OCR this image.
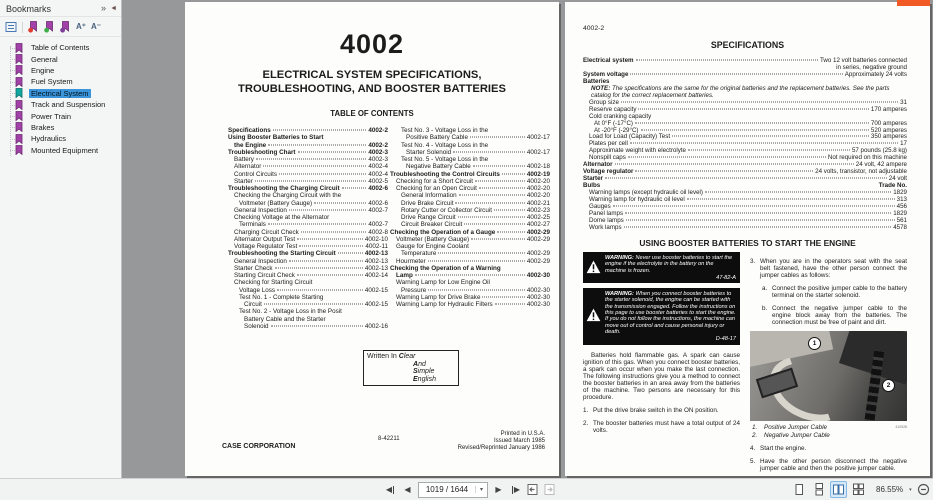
Bookmarks	» ◄
A⁺ A⁻
Table of Contents
General
Engine
Fuel System
Electrical System
Track and Suspension
Power Train
Brakes
Hydraulics
Mounted Equipment
4002
ELECTRICAL SYSTEM SPECIFICATIONS,
TROUBLESHOOTING, AND BOOSTER BATTERIES
TABLE OF CONTENTS
Specifications	4002-2
Using Booster Batteries to Start
the Engine	4002-2
Troubleshooting Chart	4002-3
Battery	4002-3
Alternator	4002-4
Control Circuits	4002-4
Starter	4002-5
Troubleshooting the Charging Circuit	4002-6
Checking the Charging Circuit with the
Voltmeter (Battery Gauge)	4002-6
General Inspection	4002-7
Checking Voltage at the Alternator
Terminals	4002-7
Charging Circuit Check	4002-8
Alternator Output Test	4002-10
Voltage Regulator Test	4002-11
Troubleshooting the Starting Circuit	4002-13
General Inspection	4002-13
Starter Check	4002-13
Starting Circuit Check	4002-14
Checking for Starting Circuit
Voltage Loss	4002-15
Test No. 1 - Complete Starting
Circuit	4002-15
Test No. 2 - Voltage Loss in the Posit
Battery Cable and the Starter
Solenoid	4002-16
Test No. 3 - Voltage Loss in the
Positive Battery Cable	4002-17
Test No. 4 - Voltage Loss in the
Starter Solenoid	4002-17
Test No. 5 - Voltage Loss in the
Negative Battery Cable	4002-18
Troubleshooting the Control Circuits	4002-19
Checking for a Short Circuit	4002-20
Checking for an Open Circuit	4002-20
General Information	4002-20
Drive Brake Circuit	4002-21
Rotary Cutter or Collector Circuit	4002-23
Drive Range Circuit	4002-25
Circuit Breaker Circuit	4002-27
Checking the Operation of a Gauge	4002-29
Voltmeter (Battery Gauge)	4002-29
Gauge for Engine Coolant
Temperature	4002-29
Hourmeter	4002-29
Checking the Operation of a Warning
Lamp	4002-30
Warning Lamp for Low Engine Oil
Pressure	4002-30
Warning Lamp for Drive Brake	4002-30
Warning Lamp for Hydraulic Filters	4002-30
Written In Clear
And
Simple
English
CASE CORPORATION
8-42211
Printed in U.S.A.
Issued March 1985
Revised/Reprinted January 1986
4002-2
SPECIFICATIONS
Electrical system	Two 12 volt batteries connected
in series, negative ground
System voltage	Approximately 24 volts
Batteries
NOTE: The specifications are the same for the original batteries and the replacement batteries. See the parts catalog for the correct replacement batteries.
Group size	31
Reserve capacity	170 amperes
Cold cranking capacity
At 0°F (-17°C)	700 amperes
At -20°F (-29°C)	520 amperes
Load for Load (Capacity) Test	350 amperes
Plates per cell	17
Approximate weight with electrolyte	57 pounds (25.8 kg)
Nonspill caps	Not required on this machine
Alternator	24 volt, 42 ampere
Voltage regulator	24 volts, transistor, not adjustable
Starter	24 volt
Bulbs	Trade No.
Warning lamps (except hydraulic oil level)	1829
Warning lamp for hydraulic oil level	313
Gauges	456
Panel lamps	1829
Dome lamps	561
Work lamps	4578
USING BOOSTER BATTERIES TO START THE ENGINE
WARNING: Never use booster batteries to start the engine if the electrolyte in the battery on the machine is frozen.
47-82-A
WARNING: When you connect booster batteries to the starter solenoid, the engine can be started with the transmission engaged. Follow the instructions on this page to use booster batteries to start the engine. If you do not follow the instructions, the machine can move out of control and cause personal injury or death.
D-48-17
Batteries hold flammable gas. A spark can cause ignition of this gas. When you connect booster batteries, a spark can occur when you make the last connection. The following instructions give you a method to connect the booster batteries in an area away from the batteries of the machine. Two persons are necessary for this procedure.
1. Put the drive brake switch in the ON position.
2. The booster batteries must have a total output of 24 volts.
3. When you are in the operators seat with the seat belt fastened, have the other person connect the jumper cables as follows:
a. Connect the positive jumper cable to the battery terminal on the starter solenoid.
b. Connect the negative jumper cable to the engine block away from the batteries. The connection must be free of paint and dirt.
1
2
1.	Positive Jumper Cable
2.	Negative Jumper Cable
410928
4. Start the engine.
5. Have the other person disconnect the negative jumper cable and then the positive jumper cable.
◀	◀	1019 / 1644	▾	▶	▶	86.55% ▾
